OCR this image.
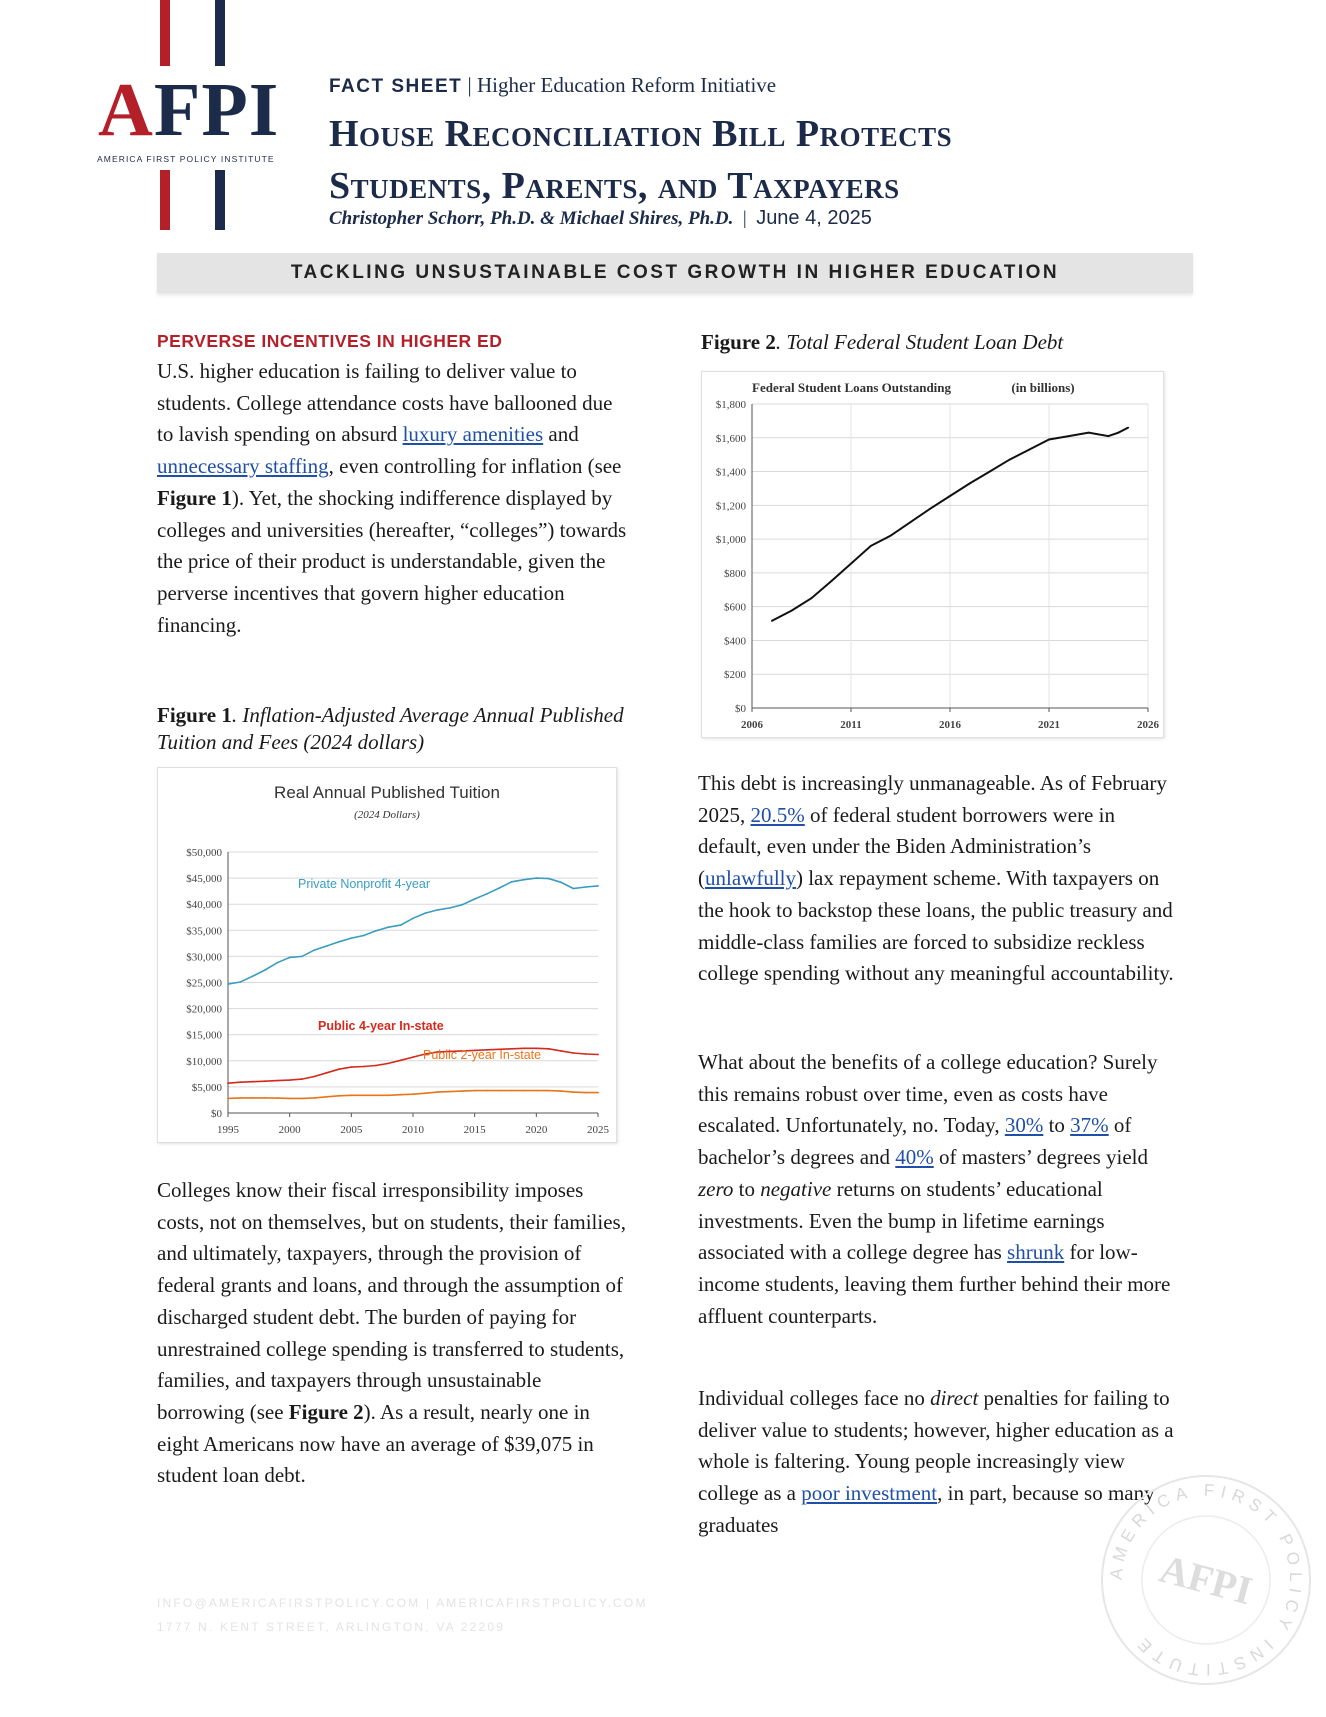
AFPI
AMERICA FIRST POLICY INSTITUTE
FACT SHEET | Higher Education Reform Initiative
House Reconciliation Bill Protects
Students, Parents, and Taxpayers
Christopher Schorr, Ph.D. & Michael Shires, Ph.D. | June 4, 2025
TACKLING UNSUSTAINABLE COST GROWTH IN HIGHER EDUCATION
PERVERSE INCENTIVES IN HIGHER ED

U.S. higher education is failing to deliver value to students. College attendance costs have ballooned due to lavish spending on absurd luxury amenities and unnecessary staffing, even controlling for inflation (see Figure 1). Yet, the shocking indifference displayed by colleges and universities (hereafter, “colleges”) towards the price of their product is understandable, given the perverse incentives that govern higher education financing.

Figure 1. Inflation-Adjusted Average Annual Published Tuition and Fees (2024 dollars)
Real Annual Published Tuition
(2024 Dollars)
$0
$5,000
$10,000
$15,000
$20,000
$25,000
$30,000
$35,000
$40,000
$45,000
$50,000
1995	2000	2005	2010	2015	2020	2025
Private Nonprofit 4-year
Public 4-year In-state
Public 2-year In-state

Colleges know their fiscal irresponsibility imposes costs, not on themselves, but on students, their families, and ultimately, taxpayers, through the provision of federal grants and loans, and through the assumption of discharged student debt. The burden of paying for unrestrained college spending is transferred to students, families, and taxpayers through unsustainable borrowing (see Figure 2). As a result, nearly one in eight Americans now have an average of $39,075 in student loan debt.

Figure 2. Total Federal Student Loan Debt
Federal Student Loans Outstanding	(in billions)
$0
$200
$400
$600
$800
$1,000
$1,200
$1,400
$1,600
$1,800
2006	2011	2016	2021	2026

This debt is increasingly unmanageable. As of February 2025, 20.5% of federal student borrowers were in default, even under the Biden Administration’s (unlawfully) lax repayment scheme. With taxpayers on the hook to backstop these loans, the public treasury and middle-class families are forced to subsidize reckless college spending without any meaningful accountability.

What about the benefits of a college education? Surely this remains robust over time, even as costs have escalated. Unfortunately, no. Today, 30% to 37% of bachelor’s degrees and 40% of masters’ degrees yield zero to negative returns on students’ educational investments. Even the bump in lifetime earnings associated with a college degree has shrunk for low-income students, leaving them further behind their more affluent counterparts.

Individual colleges face no direct penalties for failing to deliver value to students; however, higher education as a whole is faltering. Young people increasingly view college as a poor investment, in part, because so many graduates

INFO@AMERICAFIRSTPOLICY.COM | AMERICAFIRSTPOLICY.COM
1777 N. KENT STREET, ARLINGTON, VA 22209
AMERICA FIRST POLICY INSTITUTE
AFPI
